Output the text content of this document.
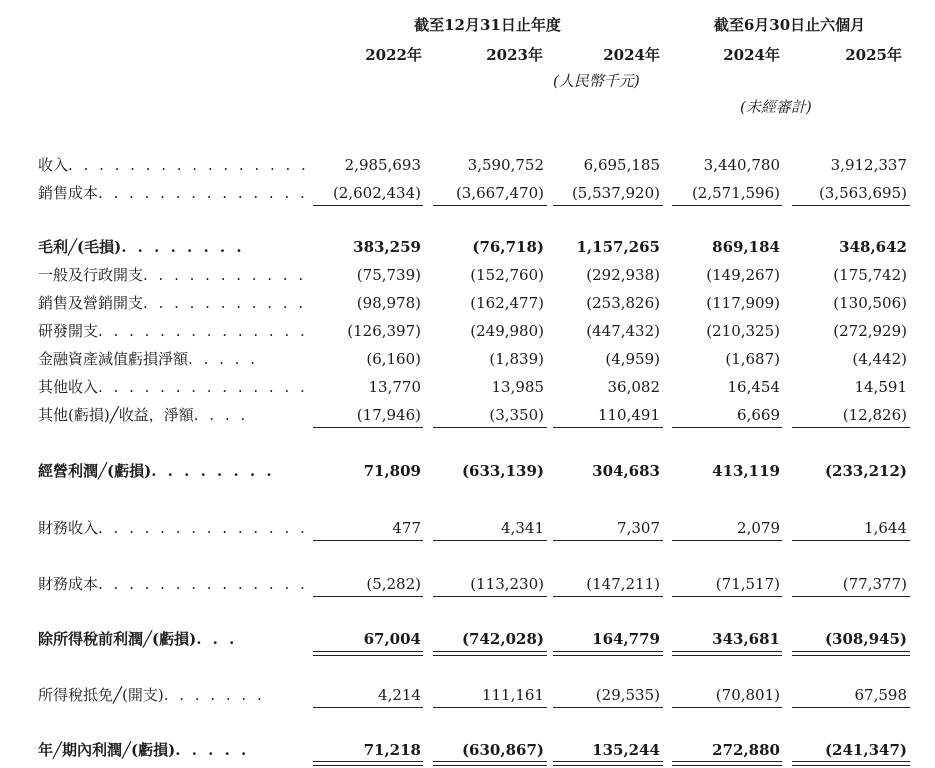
截至12月31日止年度	截至6月30日止六個月
2022年	2023年	2024年	2024年	2025年
(人民幣千元)
(未經審計)
收入. . . . . . . . . . . . . . . . 2,985,693	3,590,752	6,695,185	3,440,780	3,912,337
銷售成本. . . . . . . . . . . . . . (2,602,434) (3,667,470) (5,537,920) (2,571,596)	(3,563,695)
毛利╱(毛損). . . . . . . .	383,259	(76,718) 1,157,265	869,184	348,642
一般及行政開支. . . . . . . . . . .	(75,739)	(152,760)	(292,938)	(149,267)	(175,742)
銷售及營銷開支. . . . . . . . . . .	(98,978)	(162,477)	(253,826)	(117,909)	(130,506)
研發開支. . . . . . . . . . . . . .	(126,397)	(249,980)	(447,432)	(210,325)	(272,929)
金融資產減值虧損淨額. . . . .	(6,160)	(1,839)	(4,959)	(1,687)	(4,442)
其他收入. . . . . . . . . . . . . .	13,770	13,985	36,082	16,454	14,591
其他(虧損)╱收益，淨額. . . .	(17,946)	(3,350)	110,491	6,669	(12,826)
經營利潤╱(虧損). . . . . . . .	71,809	(633,139)	304,683	413,119	(233,212)
財務收入. . . . . . . . . . . . . .	477	4,341	7,307	2,079	1,644
財務成本. . . . . . . . . . . . . .	(5,282)	(113,230)	(147,211)	(71,517)	(77,377)
除所得稅前利潤╱(虧損). . .	67,004	(742,028)	164,779	343,681	(308,945)
所得稅抵免╱(開支). . . . . . .	4,214	111,161	(29,535)	(70,801)	67,598
年╱期內利潤╱(虧損). . . . .	71,218	(630,867)	135,244	272,880	(241,347)
